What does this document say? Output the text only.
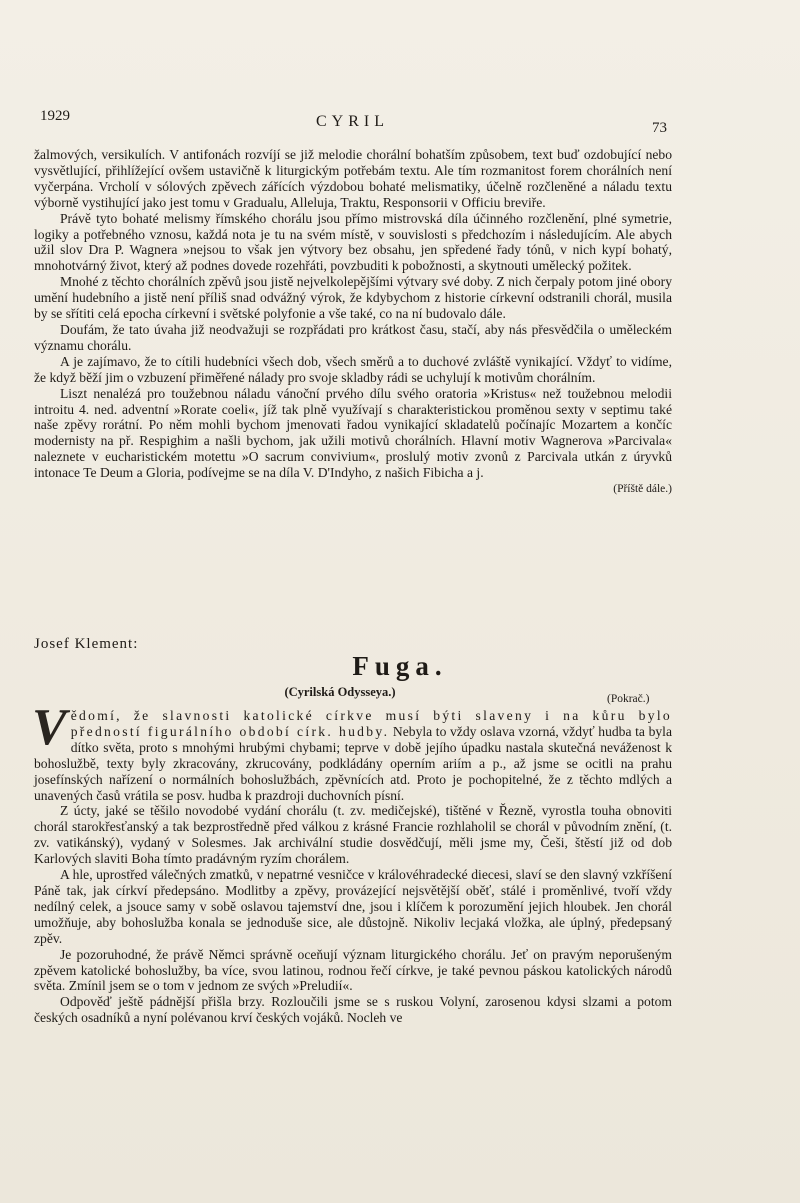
1929	CYRIL	73

žalmových, versikulích. V antifonách rozvíjí se již melodie chorální bohatším způsobem, text buď ozdobující nebo vysvětlující, přihlížející ovšem ustavičně k liturgickým potřebám textu. Ale tím rozmanitost forem chorálních není vyčerpána. Vrcholí v sólových zpěvech zářících výzdobou bohaté melismatiky, účelně rozčleněné a náladu textu výborně vystihující jako jest tomu v Gradualu, Alleluja, Traktu, Responsorii v Officiu breviře.

Právě tyto bohaté melismy římského chorálu jsou přímo mistrovská díla účinného rozčlenění, plné symetrie, logiky a potřebného vznosu, každá nota je tu na svém místě, v souvislosti s předchozím i následujícím. Ale abych užil slov Dra P. Wagnera »nejsou to však jen výtvory bez obsahu, jen spředené řady tónů, v nich kypí bohatý, mnohotvárný život, který až podnes dovede rozehřáti, povzbuditi k pobožnosti, a skytnouti umělecký požitek.

Mnohé z těchto chorálních zpěvů jsou jistě nejvelkolepějšími výtvary své doby. Z nich čerpaly potom jiné obory umění hudebního a jistě není příliš snad odvážný výrok, že kdybychom z historie církevní odstranili chorál, musila by se sřítiti celá epocha církevní i světské polyfonie a vše také, co na ní budovalo dále.

Doufám, že tato úvaha již neodvažuji se rozpřádati pro krátkost času, stačí, aby nás přesvědčila o uměleckém významu chorálu.

A je zajímavo, že to cítili hudebníci všech dob, všech směrů a to duchové zvláště vynikající. Vždyť to vidíme, že když běží jim o vzbuzení přiměřené nálady pro svoje skladby rádi se uchylují k motivům chorálním.

Liszt nenalézá pro toužebnou náladu vánoční prvého dílu svého oratoria »Kristus« než toužebnou melodii introitu 4. ned. adventní »Rorate coeli«, jíž tak plně využívají s charakteristickou proměnou sexty v septimu také naše zpěvy rorátní. Po něm mohli bychom jmenovati řadou vynikající skladatelů počínajíc Mozartem a končíc modernisty na př. Respighim a našli bychom, jak užili motivů chorálních. Hlavní motiv Wagnerova »Parcivala« naleznete v eucharistickém motettu »O sacrum convivium«, proslulý motiv zvonů z Parcivala utkán z úryvků intonace Te Deum a Gloria, podívejme se na díla V. D'Indyho, z našich Fibicha a j.

(Příště dále.)
Josef Klement:
Fuga.
(Cyrilská Odysseya.)	(Pokrač.)

Vědomí, že slavnosti katolické církve musí býti slaveny i na kůru bylo předností figurálního období círk. hudby. Nebyla to vždy oslava vzorná, vždyť hudba ta byla dítko světa, proto s mnohými hrubými chybami; teprve v době jejího úpadku nastala skutečná neváženost k bohoslužbě, texty byly zkracovány, zkrucovány, podkládány operním ariím a p., až jsme se ocitli na prahu josefínských nařízení o normálních bohoslužbách, zpěvnících atd. Proto je pochopitelné, že z těchto mdlých a unavených časů vrátila se posv. hudba k prazdroji duchovních písní.

Z úcty, jaké se těšilo novodobé vydání chorálu (t. zv. medičejské), tištěné v Řezně, vyrostla touha obnoviti chorál starokřesťanský a tak bezprostředně před válkou z krásné Francie rozhlaholil se chorál v původním znění, (t. zv. vatikánský), vydaný v Solesmes. Jak archivální studie dosvědčují, měli jsme my, Češi, štěstí již od dob Karlových slaviti Boha tímto pradávným ryzím chorálem.

A hle, uprostřed válečných zmatků, v nepatrné vesničce v královéhradecké diecesi, slaví se den slavný vzkříšení Páně tak, jak církví předepsáno. Modlitby a zpěvy, provázející nejsvětější oběť, stálé i proměnlivé, tvoří vždy nedílný celek, a jsouce samy v sobě oslavou tajemství dne, jsou i klíčem k porozumění jejich hloubek. Jen chorál umožňuje, aby bohoslužba konala se jednoduše sice, ale důstojně. Nikoliv lecjaká vložka, ale úplný, předepsaný zpěv.

Je pozoruhodné, že právě Němci správně oceňují význam liturgického chorálu. Jeť on pravým neporušeným zpěvem katolické bohoslužby, ba více, svou latinou, rodnou řečí církve, je také pevnou páskou katolických národů světa. Zmínil jsem se o tom v jednom ze svých »Preludií«.

Odpověď ještě pádnější přišla brzy. Rozloučili jsme se s ruskou Volyní, zarosenou kdysi slzami a potom českých osadníků a nyní polévanou krví českých vojáků. Nocleh ve
